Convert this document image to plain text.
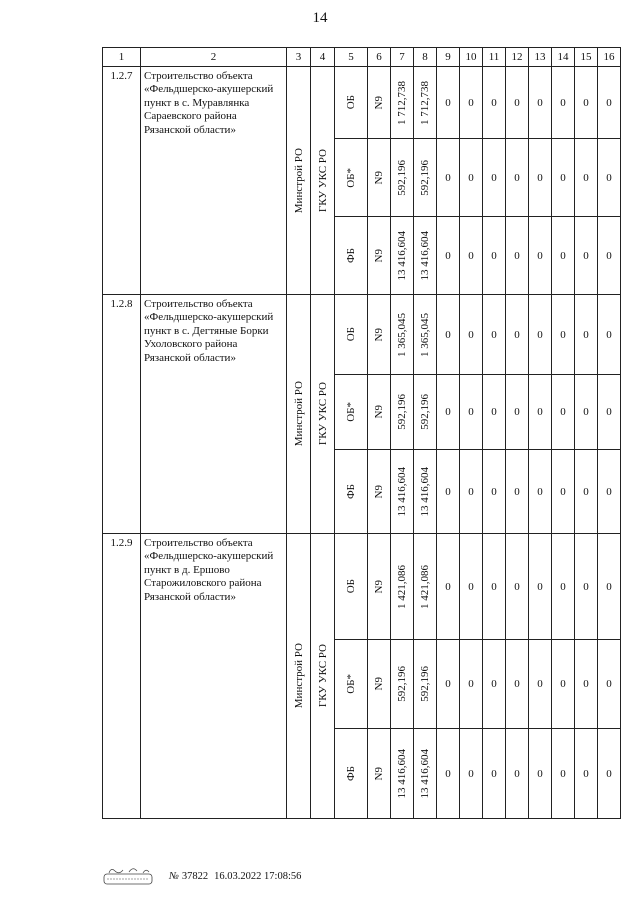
14
1	2	3	4	5	6	7	8	9	10	11	12	13	14	15	16
1.2.7	Строительство объекта «Фельдшерско-акушерский пункт в с. Муравлянка Сараевского района Рязанской области»	Минстрой РО	ГКУ УКС РО	ОБ	N9	1 712,738	1 712,738	0	0	0	0	0	0	0	0

				ОБ*	N9	592,196	592,196	0	0	0	0	0	0	0	0

				ФБ	N9	13 416,604	13 416,604	0	0	0	0	0	0	0	0
1.2.8	Строительство объекта «Фельдшерско-акушерский пункт в с. Дегтяные Борки Ухоловского района Рязанской области»	Минстрой РО	ГКУ УКС РО	ОБ	N9	1 365,045	1 365,045	0	0	0	0	0	0	0	0

				ОБ*	N9	592,196	592,196	0	0	0	0	0	0	0	0

				ФБ	N9	13 416,604	13 416,604	0	0	0	0	0	0	0	0
1.2.9	Строительство объекта «Фельдшерско-акушерский пункт в д. Ершово Старожиловского района Рязанской области»	Минстрой РО	ГКУ УКС РО	ОБ	N9	1 421,086	1 421,086	0	0	0	0	0	0	0	0

				ОБ*	N9	592,196	592,196	0	0	0	0	0	0	0	0

				ФБ	N9	13 416,604	13 416,604	0	0	0	0	0	0	0	0
№ 37822 16.03.2022 17:08:56
